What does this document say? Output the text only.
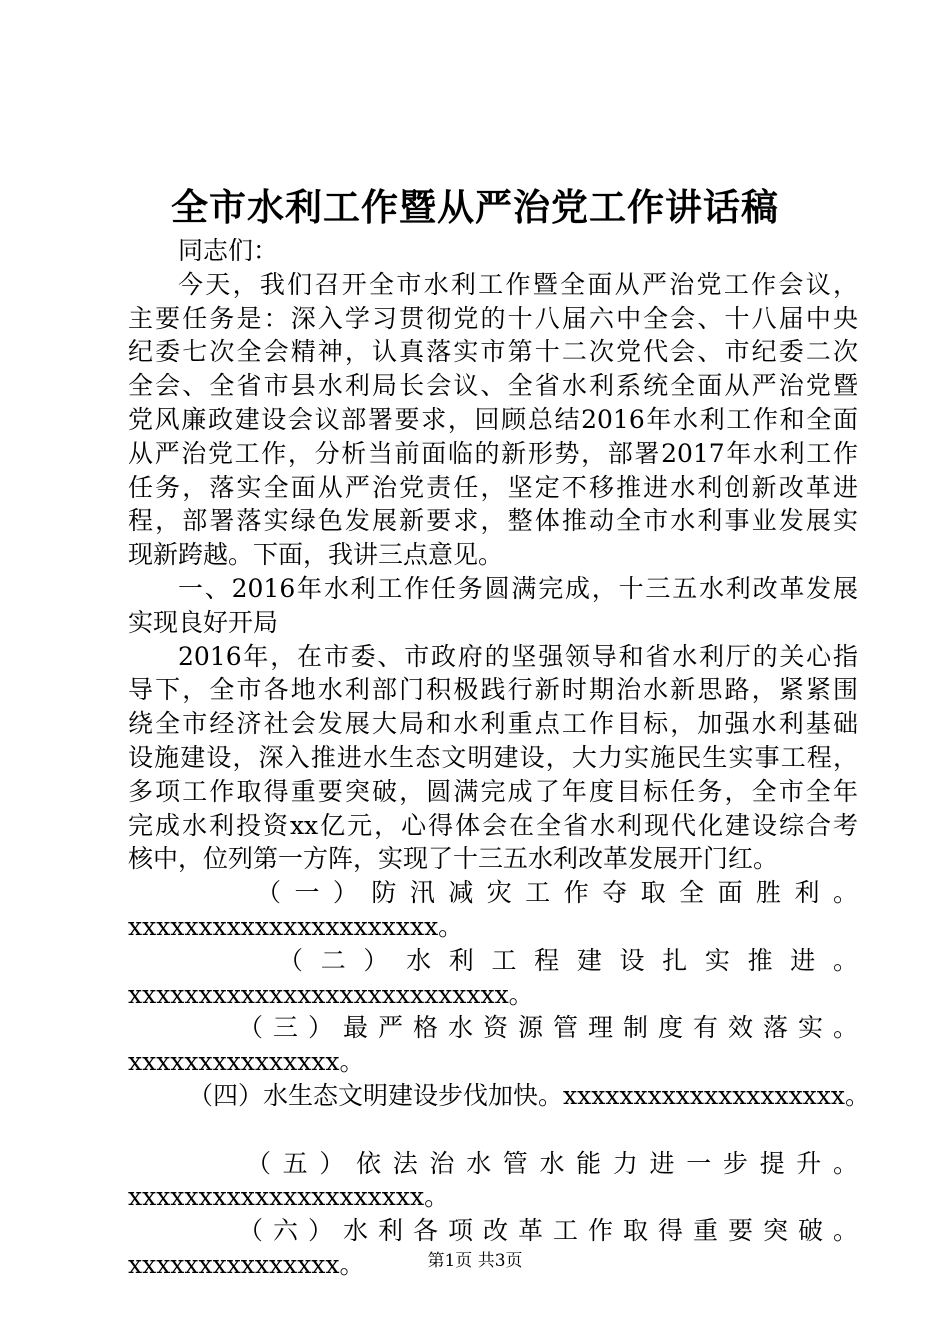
全市水利工作暨从严治党工作讲话稿
同志们：
今天，我们召开全市水利工作暨全面从严治党工作会议，
主要任务是：深入学习贯彻党的十八届六中全会、十八届中央
纪委七次全会精神，认真落实市第十二次党代会、市纪委二次
全会、全省市县水利局长会议、全省水利系统全面从严治党暨
党风廉政建设会议部署要求，回顾总结2016年水利工作和全面
从严治党工作，分析当前面临的新形势，部署2017年水利工作
任务，落实全面从严治党责任，坚定不移推进水利创新改革进
程，部署落实绿色发展新要求，整体推动全市水利事业发展实
现新跨越。下面，我讲三点意见。
一、2016年水利工作任务圆满完成，十三五水利改革发展
实现良好开局
2016年，在市委、市政府的坚强领导和省水利厅的关心指
导下，全市各地水利部门积极践行新时期治水新思路，紧紧围
绕全市经济社会发展大局和水利重点工作目标，加强水利基础
设施建设，深入推进水生态文明建设，大力实施民生实事工程，
多项工作取得重要突破，圆满完成了年度目标任务，全市全年
完成水利投资xx亿元，心得体会在全省水利现代化建设综合考
核中，位列第一方阵，实现了十三五水利改革发展开门红。
（一）防汛减灾工作夺取全面胜利。
xxxxxxxxxxxxxxxxxxxxxx。
（二）水利工程建设扎实推进。
xxxxxxxxxxxxxxxxxxxxxxxxxxx。
（三）最严格水资源管理制度有效落实。
xxxxxxxxxxxxxxx。
（四）水生态文明建设步伐加快。xxxxxxxxxxxxxxxxxxxx。
（五）依法治水管水能力进一步提升。
xxxxxxxxxxxxxxxxxxxxx。
（六）水利各项改革工作取得重要突破。
xxxxxxxxxxxxxxx。	第1页 共3页
